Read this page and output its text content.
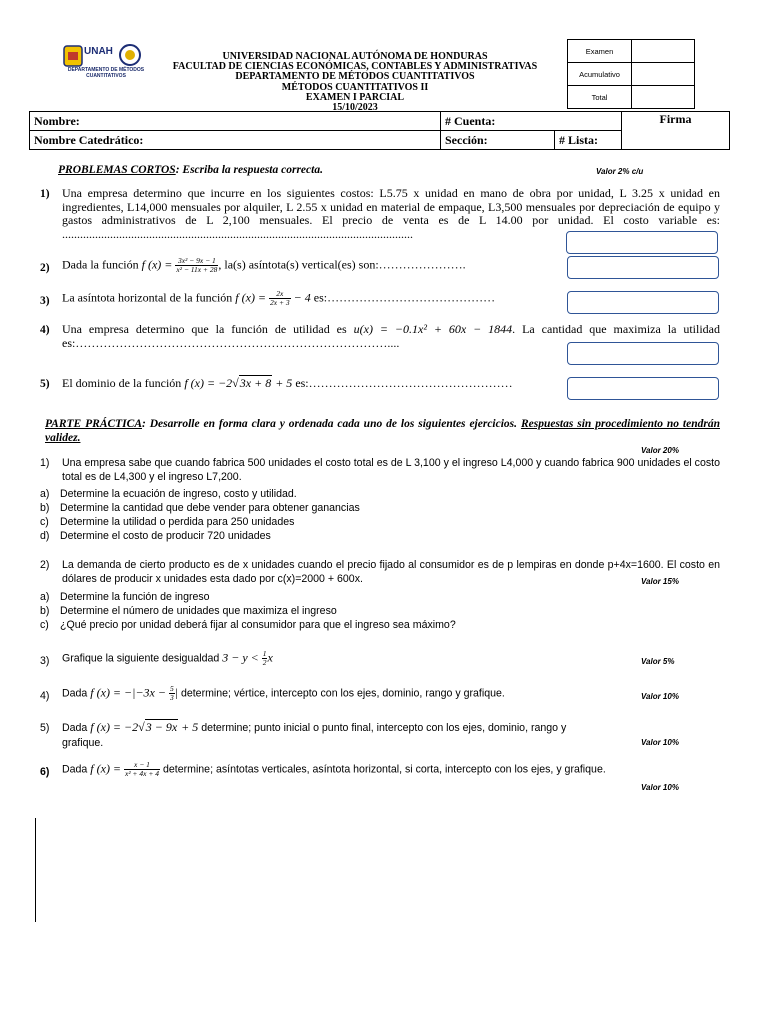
UNAH
DEPARTAMENTO DE MÉTODOS CUANTITATIVOS
UNIVERSIDAD NACIONAL AUTÓNOMA DE HONDURAS
FACULTAD DE CIENCIAS ECONÓMICAS, CONTABLES Y ADMINISTRATIVAS
DEPARTAMENTO DE MÉTODOS CUANTITATIVOS
MÉTODOS CUANTITATIVOS II
EXAMEN I PARCIAL
15/10/2023
Examen	
Acumulativo	
Total	
Nombre:	# Cuenta:		Firma
Nombre Catedrático:	Sección:	# Lista:	
PROBLEMAS CORTOS: Escriba la respuesta correcta.	Valor 2% c/u
1) Una empresa determino que incurre en los siguientes costos: L5.75 x unidad en mano de obra por unidad, L 3.25 x unidad en ingredientes, L14,000 mensuales por alquiler, L 2.55 x unidad en material de empaque, L3,500 mensuales por depreciación de equipo y gastos administrativos de L 2,100 mensuales. El precio de venta es de L 14.00 por unidad. El costo variable es: .....................................................................................................................
2) Dada la función f $(x) = \frac{\text{3x² − 9x − 1}}{\text{x² − 11x + 28}}$ , la(s) asíntota(s) vertical(es) son:………………….
3) La asíntota horizontal de la función f $(x) = \frac{2x}{2x + 3} - 4$ es:……………………………………
4) Una empresa determino que la función de utilidad es u(x) = −0.1x² + 60x − 1844. La cantidad que maximiza la utilidad es:……………………………………………………………………....
5) El dominio de la función f (x) = −2√3x + 8 + 5 es:……………………………………………
PARTE PRÁCTICA: Desarrolle en forma clara y ordenada cada uno de los siguientes ejercicios. Respuestas sin procedimiento no tendrán validez.
Valor 20%
1) Una empresa sabe que cuando fabrica 500 unidades el costo total es de L 3,100 y el ingreso L4,000 y cuando fabrica 900 unidades el costo total es de L4,300 y el ingreso L7,200.
a) Determine la ecuación de ingreso, costo y utilidad.
b) Determine la cantidad que debe vender para obtener ganancias
c) Determine la utilidad o perdida para 250 unidades
d) Determine el costo de producir 720 unidades
2) La demanda de cierto producto es de x unidades cuando el precio fijado al consumidor es de p lempiras en donde p+4x=1600. El costo en dólares de producir x unidades esta dado por c(x)=2000 + 600x.	Valor 15%
a) Determine la función de ingreso
b) Determine el número de unidades que maximiza el ingreso
c) ¿Qué precio por unidad deberá fijar al consumidor para que el ingreso sea máximo?
3) Grafique la siguiente desigualdad $3 - y < \frac{1}{2}$ x	Valor 5%
4) Dada f $(x) = -|-3x - \frac{5}{3}$ | determine; vértice, intercepto con los ejes, dominio, rango y grafique.	Valor 10%
5) Dada f (x) = −2√3 − 9x + 5 determine; punto inicial o punto final, intercepto con los ejes, dominio, rango y
grafique.	Valor 10%
6) Dada f $(x) = \frac{x - 1}{\text{x² + 4x + 4}}$ determine; asíntotas verticales, asíntota horizontal, si corta, intercepto con los ejes, y grafique.
Valor 10%
